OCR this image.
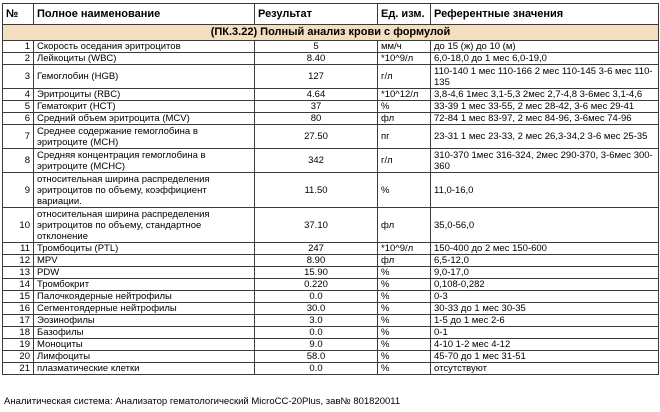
№	Полное наименование	Результат	Ед. изм.	Референтные значения
(ПК.3.22) Полный анализ крови с формулой				
1	Скорость оседания эритроцитов	5	мм/ч	до 15 (ж) до 10 (м)
2	Лейкоциты (WBC)	8.40	*10^9/л	6,0-18,0 до 1 мес 6,0-19,0
3	Гемоглобин (HGB)	127	г/л	110-140 1 мес 110-166 2 мес 110-145 3-6 мес 110-135
4	Эритроциты (RBC)	4.64	*10^12/л	3,8-4,6 1мес 3,1-5,3 2мес 2,7-4,8 3-6мес 3,1-4,6
5	Гематокрит (HCT)	37	%	33-39 1 мес 33-55, 2 мес 28-42, 3-6 мес 29-41
6	Средний объем эритроцита (MCV)	80	фл	72-84 1 мес 83-97, 2 мес 84-96, 3-6мес 74-96
7	Среднее содержание гемоглобина в эритроците (MCH)	27.50	пг	23-31 1 мес 23-33, 2 мес 26,3-34,2 3-6 мес 25-35
8	Средняя концентрация гемоглобина в эритроците (MCHC)	342	г/л	310-370 1мес 316-324, 2мес 290-370, 3-6мес 300-360
9	относительная ширина распределения эритроцитов по объему, коэффициент вариации.	11.50	%	11,0-16,0
10	относительная ширина распределения эритроцитов по объему, стандартное отклонение	37.10	фл	35,0-56,0
11	Тромбоциты (PTL)	247	*10^9/л	150-400 до 2 мес 150-600
12	MPV	8.90	фл	6,5-12,0
13	PDW	15.90	%	9,0-17,0
14	Тромбокрит	0.220	%	0,108-0,282
15	Палочкоядерные нейтрофилы	0.0	%	0-3
16	Сегментоядерные нейтрофилы	30.0	%	30-33 до 1 мес 30-35
17	Эозинофилы	3.0	%	1-5 до 1 мес 2-6
18	Базофилы	0.0	%	0-1
19	Моноциты	9.0	%	4-10 1-2 мес 4-12
20	Лимфоциты	58.0	%	45-70 до 1 мес 31-51
21	плазматические клетки	0.0	%	отсутствуют
Аналитическая система: Анализатор гематологический MicroCC-20Plus, зав№ 801820011
